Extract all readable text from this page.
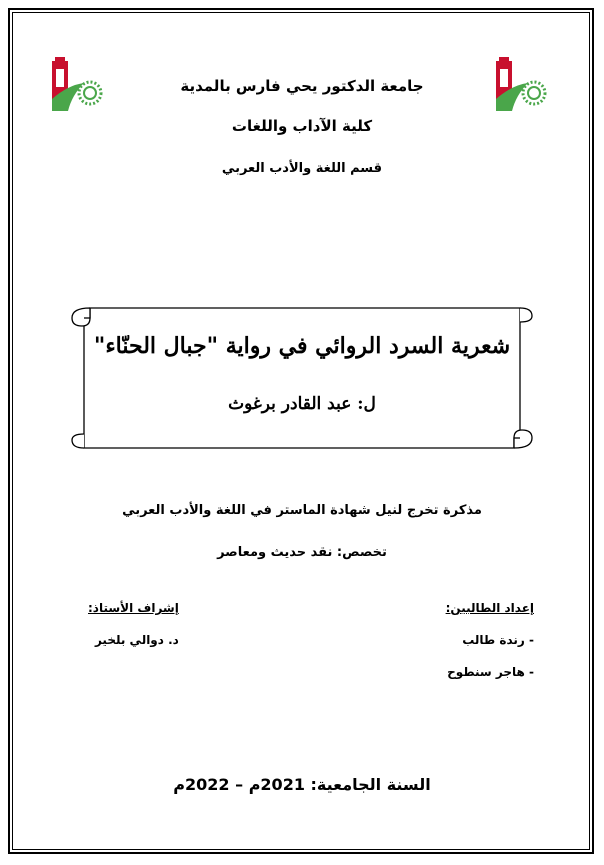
جامعة الدكتور يحي فارس بالمدية
كلية الآداب واللغات
قسم اللغة والأدب العربي
شعرية السرد الروائي في رواية "جبال الحنّاء"
ل: عبد القادر برغوث
مذكرة تخرج لنيل شهادة الماستر في اللغة والأدب العربي
تخصص: نقد حديث ومعاصر
إعداد الطالبين:
- رندة طالب
- هاجر سنطوح
إشراف الأستاذ:
د. دوالي بلخير
السنة الجامعية: 2021م – 2022م
